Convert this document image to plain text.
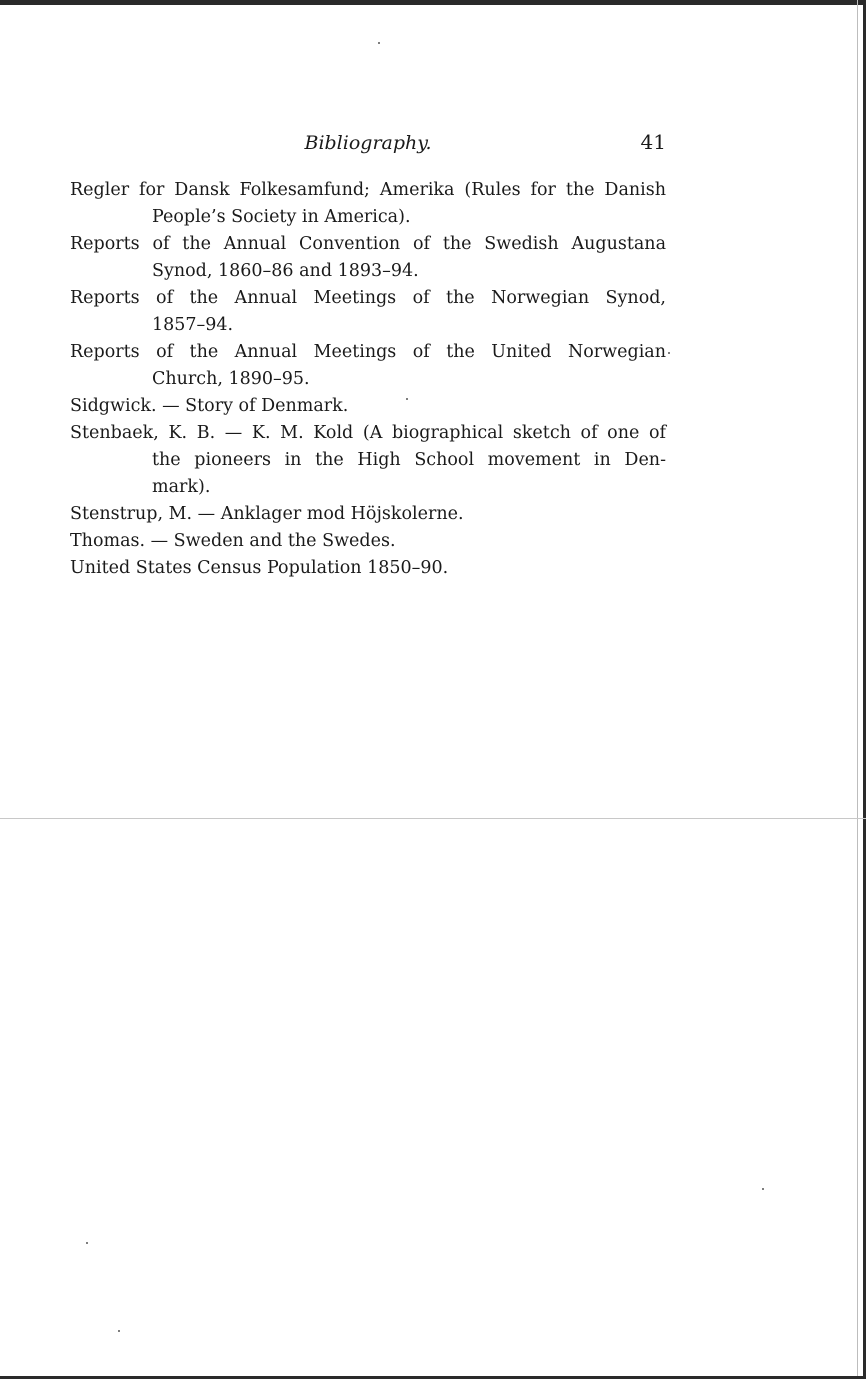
Bibliography.	41
Regler for Dansk Folkesamfund; Amerika (Rules for the Danish
People’s Society in America).
Reports of the Annual Convention of the Swedish Augustana
Synod, 1860–86 and 1893–94.
Reports of the Annual Meetings of the Norwegian Synod,
1857–94.
Reports of the Annual Meetings of the United Norwegian
Church, 1890–95.
Sidgwick. — Story of Denmark.
Stenbaek, K. B. — K. M. Kold (A biographical sketch of one of
the pioneers in the High School movement in Den-
mark).
Stenstrup, M. — Anklager mod Höjskolerne.
Thomas. — Sweden and the Swedes.
United States Census Population 1850–90.
